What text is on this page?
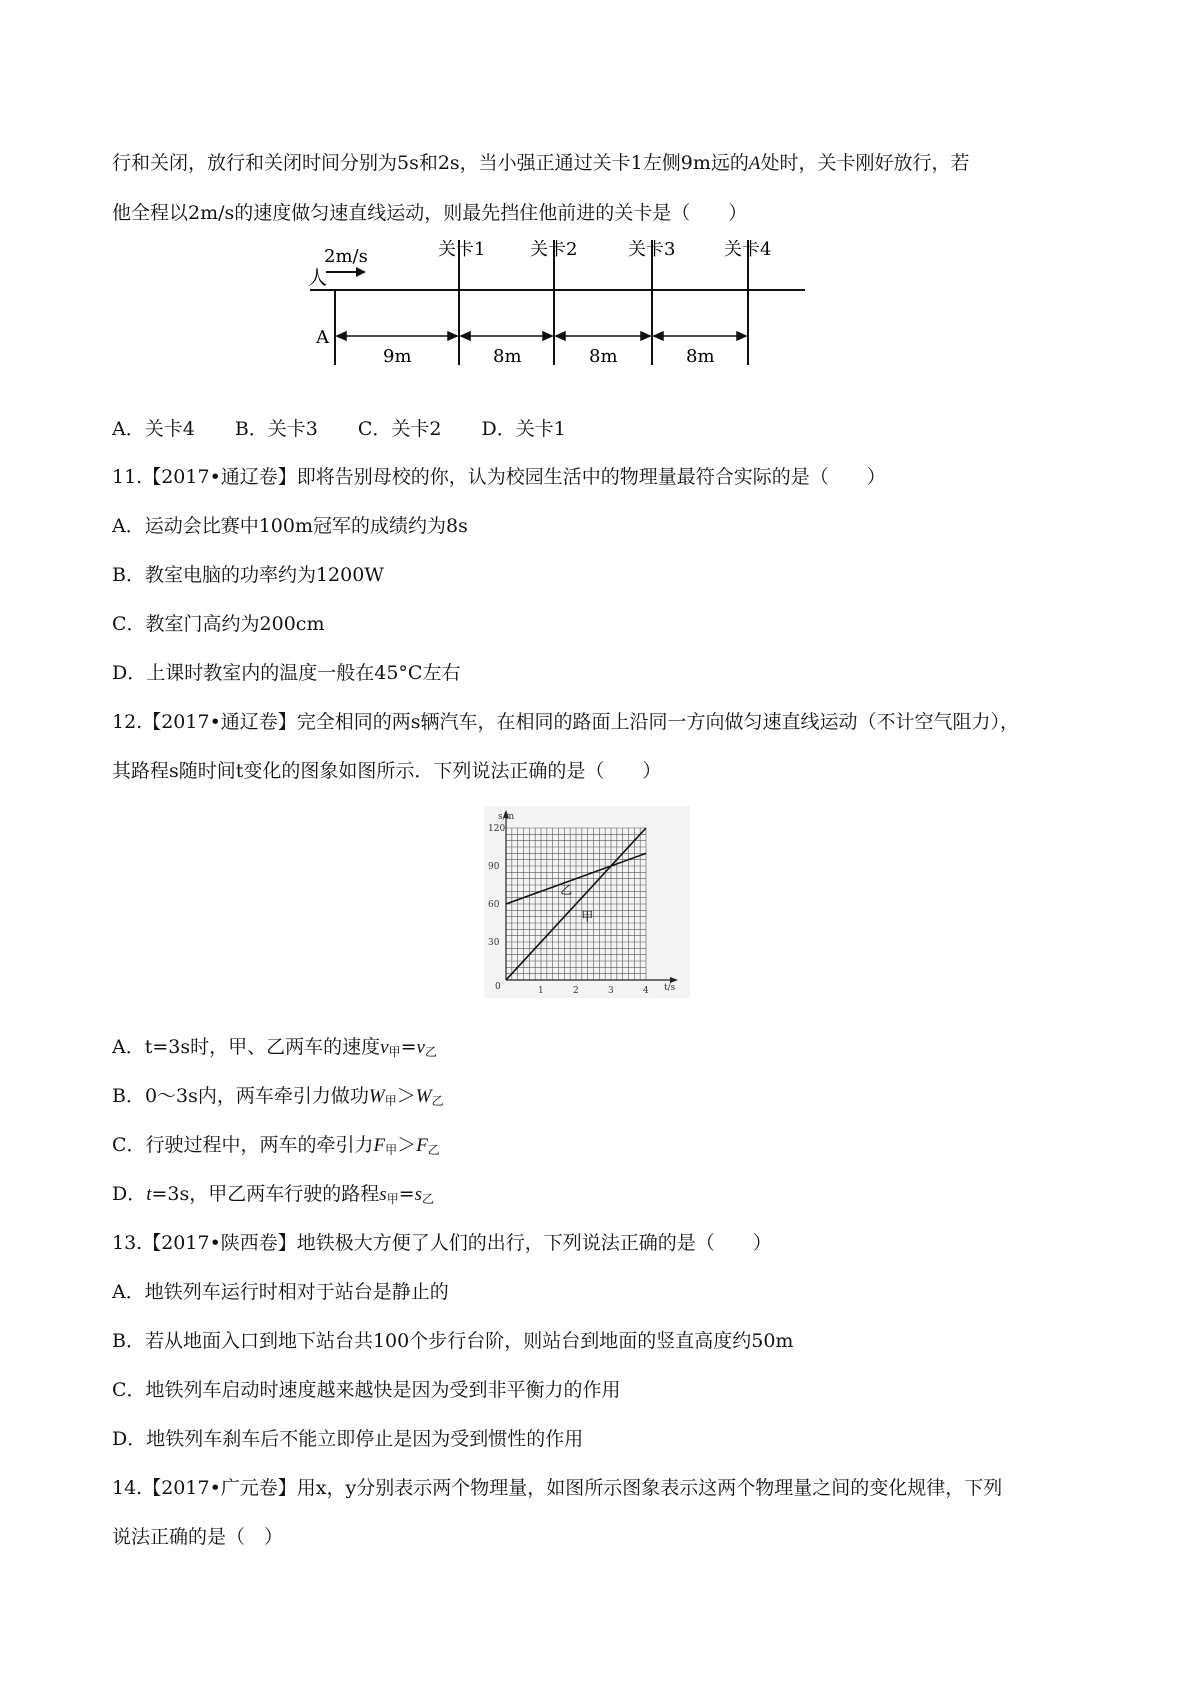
行和关闭，放行和关闭时间分别为5s和2s，当小强正通过关卡1左侧9m远的A处时，关卡刚好放行，若
他全程以2m/s的速度做匀速直线运动，则最先挡住他前进的关卡是（　　）
人
2m/s
A
关卡1 关卡2	关卡3	关卡4
9m	8m	8m	8m
A．关卡4 B．关卡3 C．关卡2 D．关卡1
11.【2017•通辽卷】即将告别母校的你，认为校园生活中的物理量最符合实际的是（　　）
A．运动会比赛中100m冠军的成绩约为8s
B．教室电脑的功率约为1200W
C．教室门高约为200cm
D．上课时教室内的温度一般在45°C左右
12.【2017•通辽卷】完全相同的两s辆汽车，在相同的路面上沿同一方向做匀速直线运动（不计空气阻力），
其路程s随时间t变化的图象如图所示．下列说法正确的是（　　）
1	2	3	4
30
60
90
120
甲
乙
s/m
t/s
0
A．t=3s时，甲、乙两车的速度$v_甲=v_乙$
B．0～3s内，两车牵引力做功$W_甲>W_乙$
C．行驶过程中，两车的牵引力$F_甲>F_乙$
D．t=3s，甲乙两车行驶的路程$s_甲=s_乙$
13.【2017•陕西卷】地铁极大方便了人们的出行，下列说法正确的是（　　）
A．地铁列车运行时相对于站台是静止的
B．若从地面入口到地下站台共100个步行台阶，则站台到地面的竖直高度约50m
C．地铁列车启动时速度越来越快是因为受到非平衡力的作用
D．地铁列车刹车后不能立即停止是因为受到惯性的作用
14.【2017•广元卷】用x，y分别表示两个物理量，如图所示图象表示这两个物理量之间的变化规律，下列
说法正确的是（　）
